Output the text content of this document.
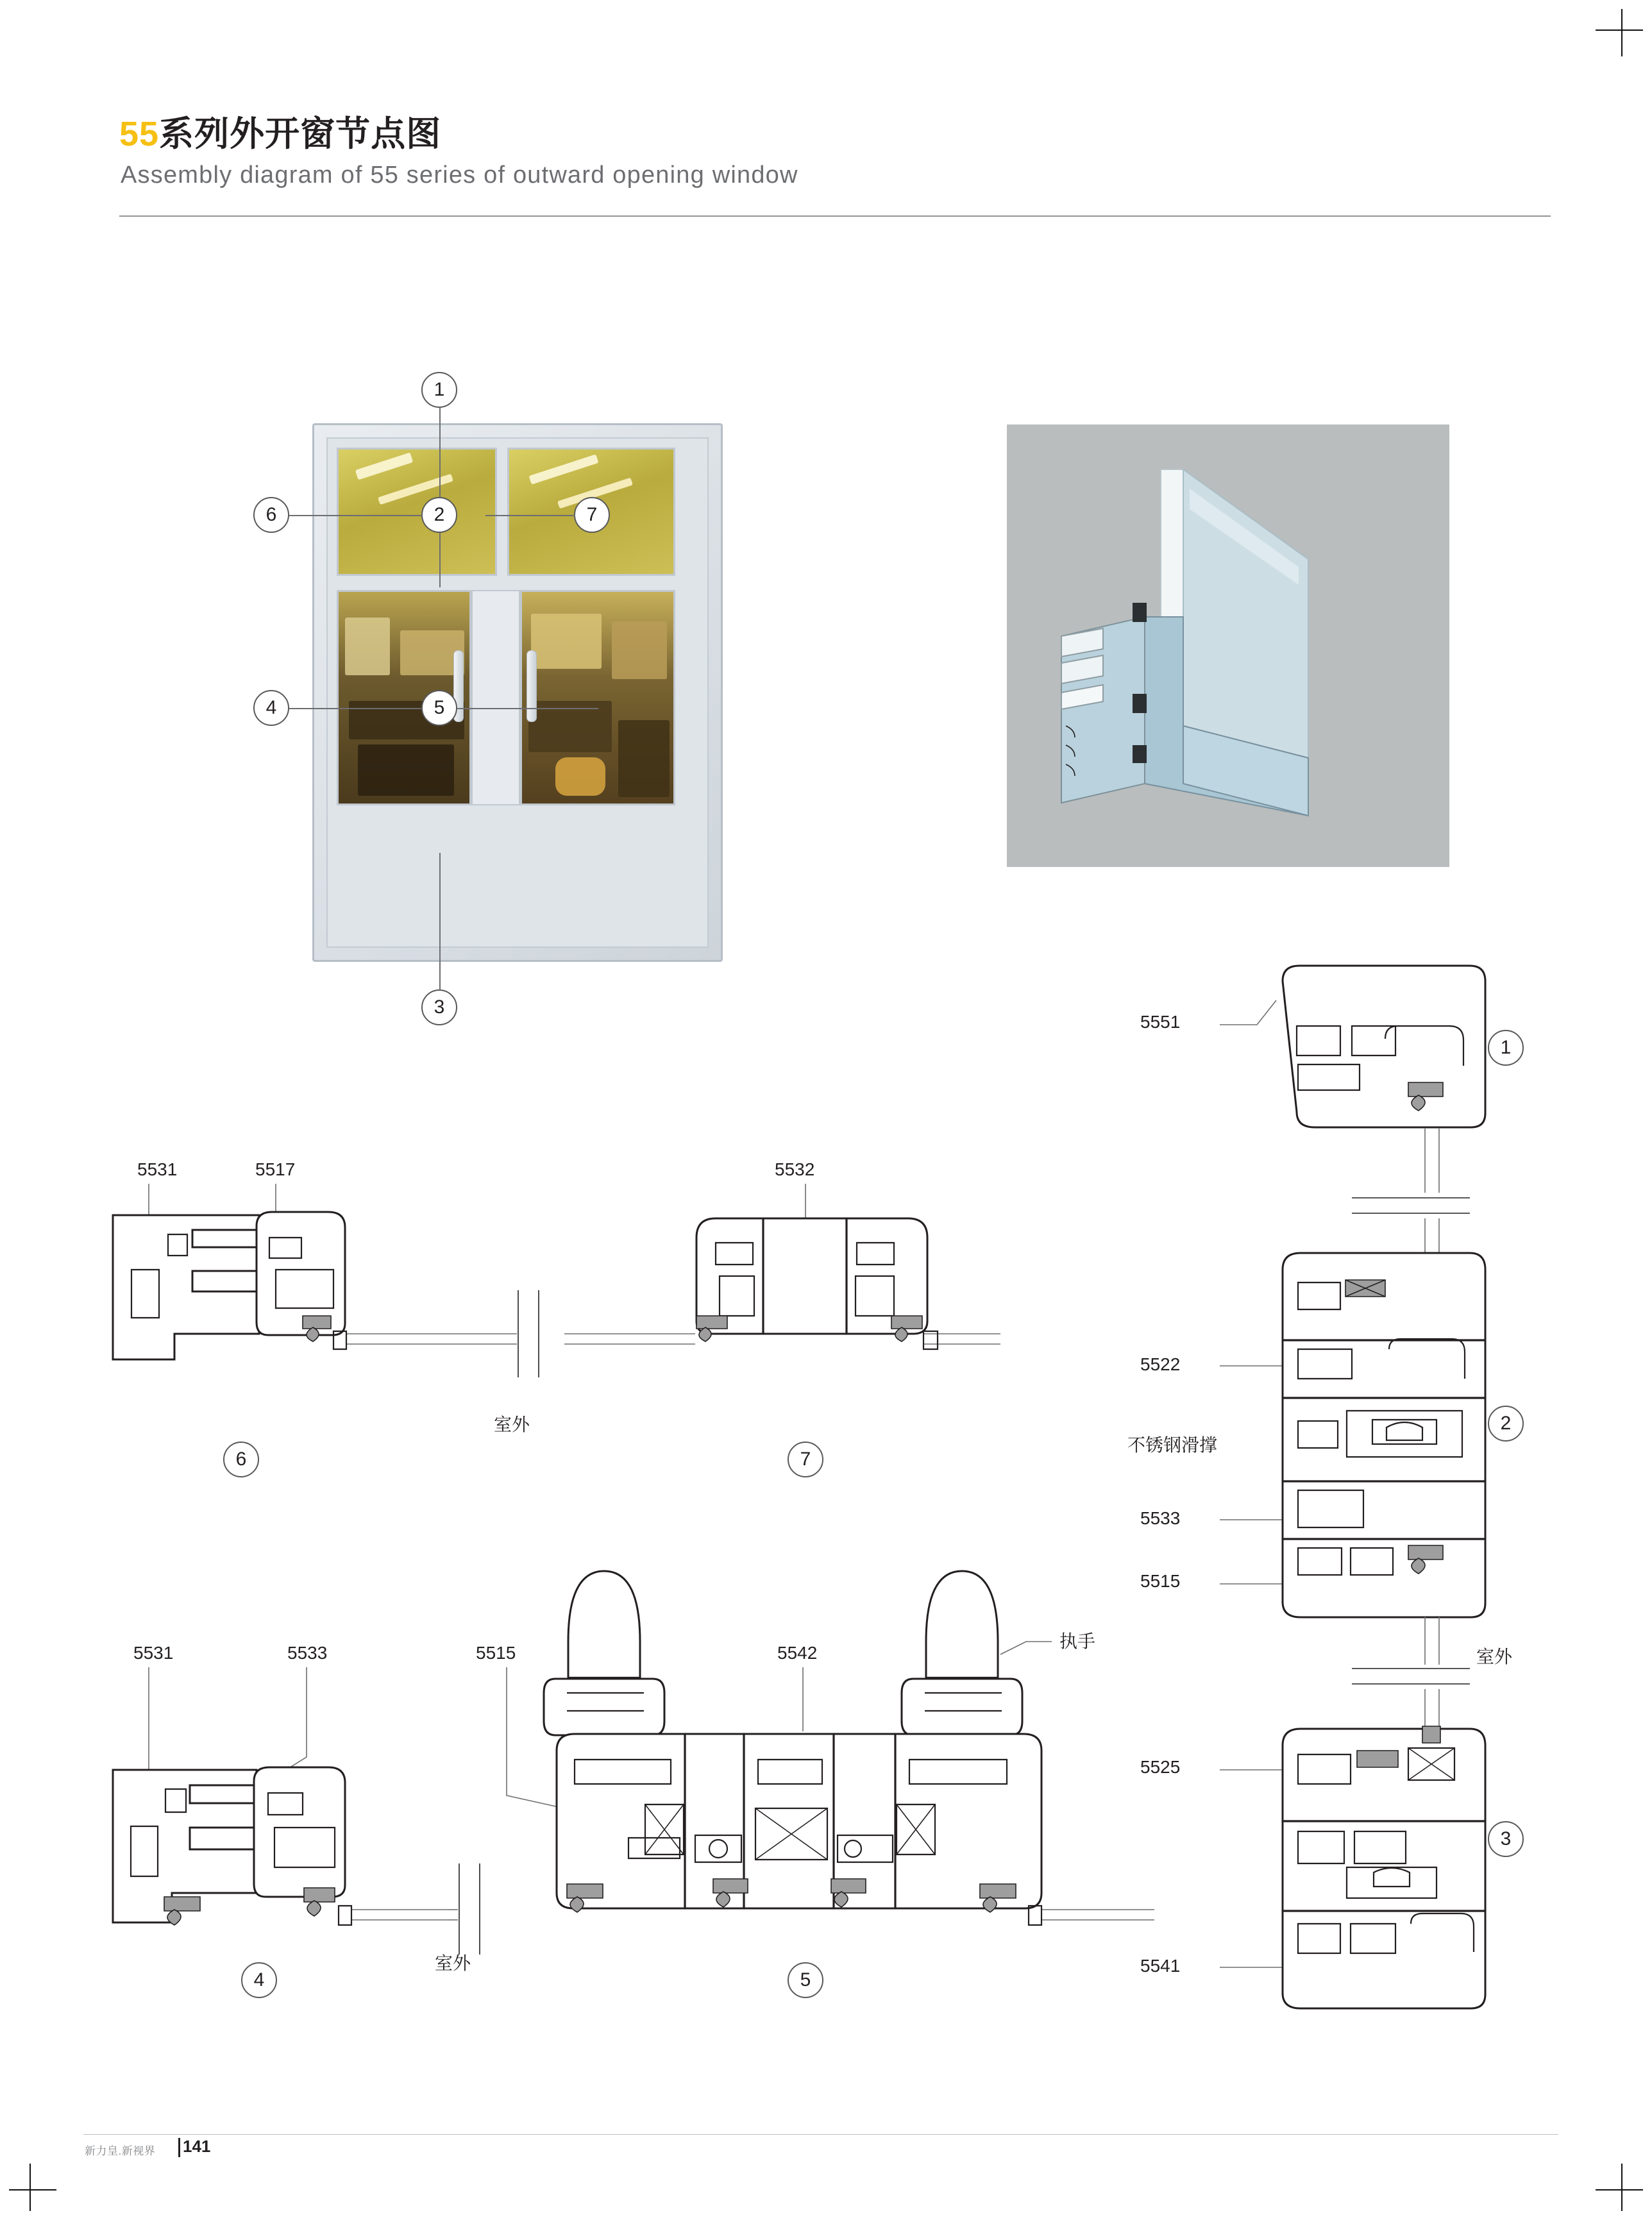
55系列外开窗节点图
Assembly diagram of 55 series of outward opening window
1
2	7
6
4	5
3
5531	5517	5532
5531	5533	5515	5542
执手
室外
室外
室外
5551
5522
不锈钢滑撑
5533
5515
5525
5541
6	7
4	5
1
2
3
新力皇.新视界 141
